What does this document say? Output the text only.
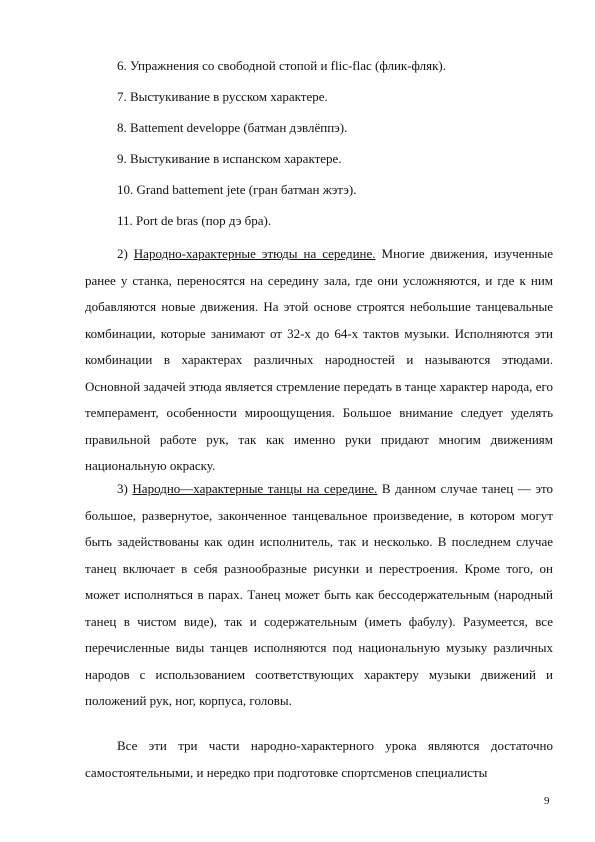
6. Упражнения со свободной стопой и flic-flac (флик-фляк).
7. Выстукивание в русском характере.
8. Battement developpe (батман дэвлёппэ).
9. Выстукивание в испанском характере.
10. Grand battement jete (гран батман жэтэ).
11. Port de bras (пор дэ бра).

2) Народно-характерные этюды на середине. Многие движения, изученные ранее у станка, переносятся на середину зала, где они усложняются, и где к ним добавляются новые движения. На этой основе строятся небольшие танцевальные комбинации, которые занимают от 32-х до 64-х тактов музыки. Исполняются эти комбинации в характерах различных народностей и называются этюдами. Основной задачей этюда является стремление передать в танце характер народа, его темперамент, особенности мироощущения. Большое внимание следует уделять правильной работе рук, так как именно руки придают многим движениям национальную окраску.

3) Народно—характерные танцы на середине. В данном случае танец — это большое, развернутое, законченное танцевальное произведение, в котором могут быть задействованы как один исполнитель, так и несколько. В последнем случае танец включает в себя разнообразные рисунки и перестроения. Кроме того, он может исполняться в парах. Танец может быть как бессодержательным (народный танец в чистом виде), так и содержательным (иметь фабулу). Разумеется, все перечисленные виды танцев исполняются под национальную музыку различных народов с использованием соответствующих характеру музыки движений и положений рук, ног, корпуса, головы.

Все эти три части народно-характерного урока являются достаточно самостоятельными, и нередко при подготовке спортсменов специалисты

9
